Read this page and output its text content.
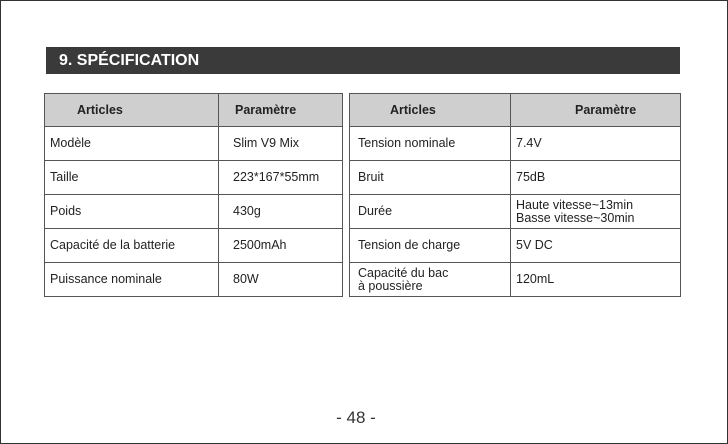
9. SPÉCIFICATION
Articles	Paramètre
Modèle	Slim V9 Mix
Taille	223*167*55mm
Poids	430g
Capacité de la batterie	2500mAh
Puissance nominale	80W
Articles	Paramètre
Tension nominale	7.4V
Bruit	75dB
Durée	Haute vitesse~13min
Basse vitesse~30min
Tension de charge	5V DC
Capacité du bac
à poussière	120mL
- 48 -
